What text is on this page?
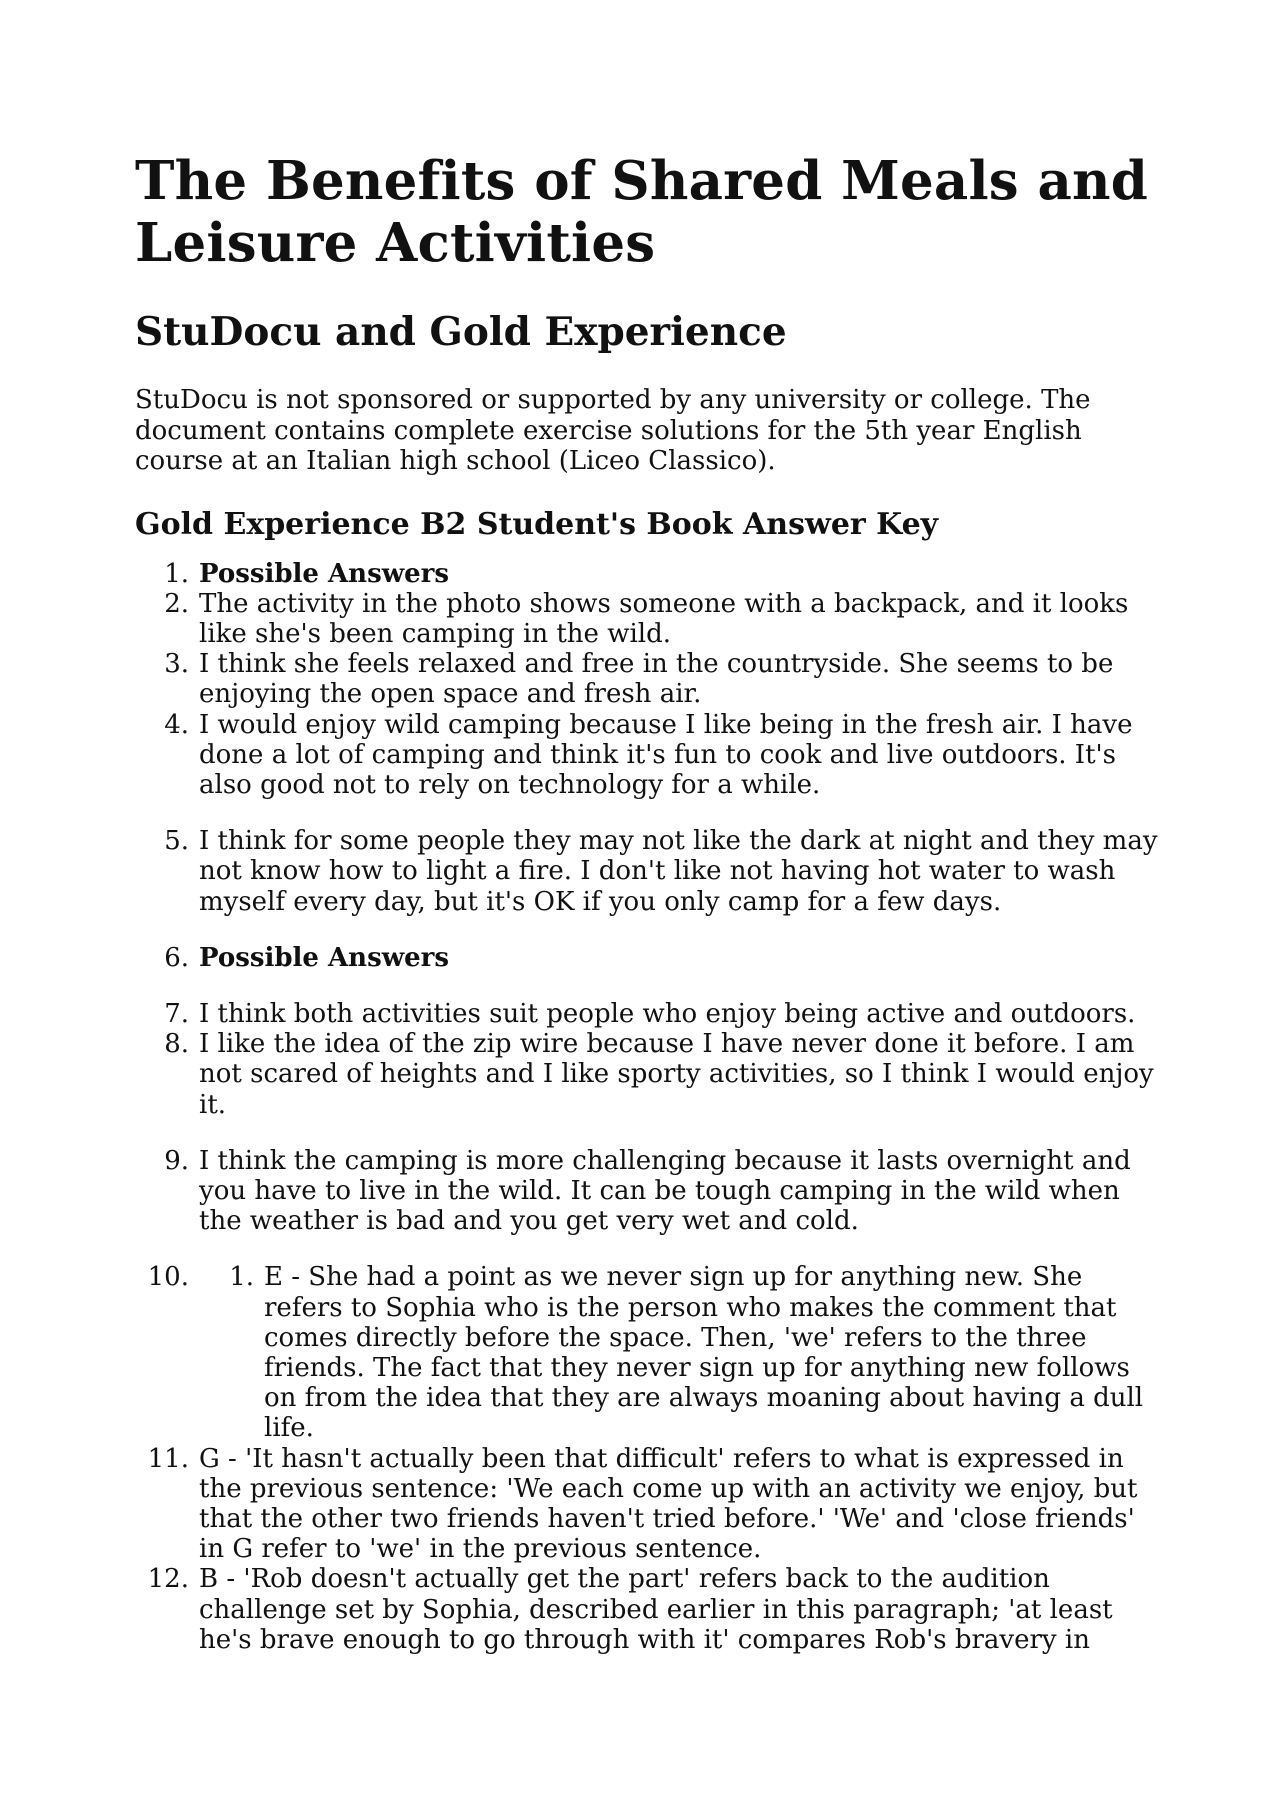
The Benefits of Shared Meals and Leisure Activities
StuDocu and Gold Experience

StuDocu is not sponsored or supported by any university or college. The document contains complete exercise solutions for the 5th year English course at an Italian high school (Liceo Classico).

Gold Experience B2 Student's Book Answer Key
1. Possible Answers
2. The activity in the photo shows someone with a backpack, and it looks like she's been camping in the wild.
3. I think she feels relaxed and free in the countryside. She seems to be enjoying the open space and fresh air.
4. I would enjoy wild camping because I like being in the fresh air. I have done a lot of camping and think it's fun to cook and live outdoors. It's also good not to rely on technology for a while.
5. I think for some people they may not like the dark at night and they may not know how to light a fire. I don't like not having hot water to wash myself every day, but it's OK if you only camp for a few days.
6. Possible Answers
7. I think both activities suit people who enjoy being active and outdoors.
8. I like the idea of the zip wire because I have never done it before. I am not scared of heights and I like sporty activities, so I think I would enjoy it.
9. I think the camping is more challenging because it lasts overnight and you have to live in the wild. It can be tough camping in the wild when the weather is bad and you get very wet and cold.
10.	1. E - She had a point as we never sign up for anything new. She refers to Sophia who is the person who makes the comment that comes directly before the space. Then, 'we' refers to the three friends. The fact that they never sign up for anything new follows on from the idea that they are always moaning about having a dull life.
11. G - 'It hasn't actually been that difficult' refers to what is expressed in the previous sentence: 'We each come up with an activity we enjoy, but that the other two friends haven't tried before.' 'We' and 'close friends' in G refer to 'we' in the previous sentence.
12. B - 'Rob doesn't actually get the part' refers back to the audition challenge set by Sophia, described earlier in this paragraph; 'at least he's brave enough to go through with it' compares Rob's bravery in
